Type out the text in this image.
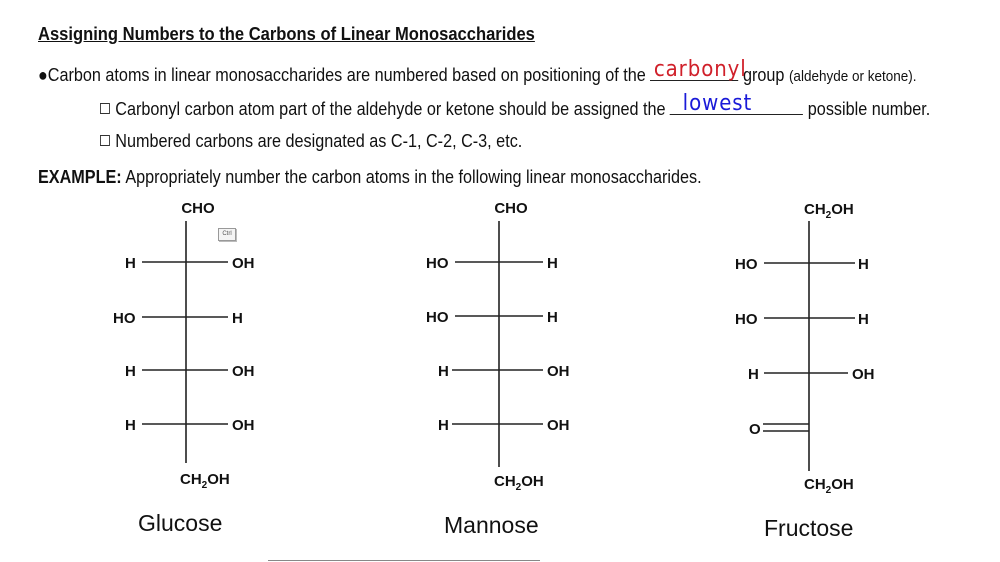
Assigning Numbers to the Carbons of Linear Monosaccharides
●Carbon atoms in linear monosaccharides are numbered based on positioning of the carbonyl
group (aldehyde or ketone).
Carbonyl carbon atom part of the aldehyde or ketone should be assigned the lowest	possible number.
Numbered carbons are designated as C-1, C-2, C-3, etc.
EXAMPLE: Appropriately number the carbon atoms in the following linear monosaccharides.
Ctrl
CHO
H	OH
HO	H
H	OH
H	OH
$CH_2OH$
Glucose
CHO
HO	H
HO	H
H	OH
H	OH
$CH_2OH$
Mannose
$CH_2OH$
HO	H
HO	H
H	OH
O
$CH_2OH$
Fructose
